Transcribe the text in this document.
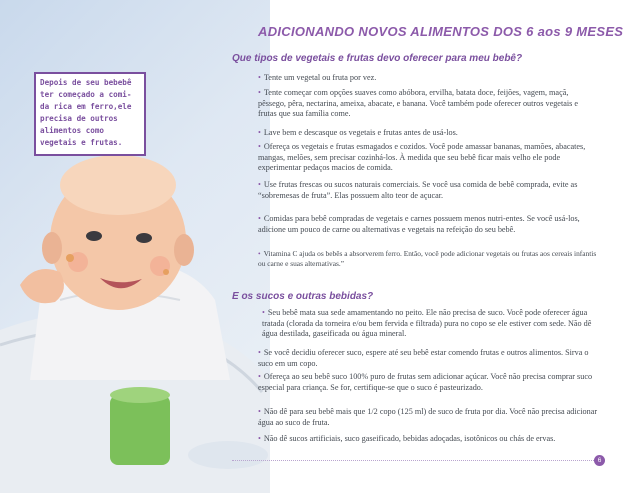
Depois de seu bebebê ter começado a comi-da rica em ferro,ele precisa de outros alimentos como vegetais e frutas.

ADICIONANDO NOVOS ALIMENTOS DOS 6 aos 9 MESES
Que tipos de vegetais e frutas devo oferecer para meu bebê?
• Tente um vegetal ou fruta por vez.
• Tente começar com opções suaves como abóbora, ervilha, batata doce, feijões, vagem, maçã, pêssego, pêra, nectarina, ameixa, abacate, e banana. Você também pode oferecer outros vegetais e frutas que sua família come.
• Lave bem e descasque os vegetais e frutas antes de usá-los.
• Ofereça os vegetais e frutas esmagados e cozidos. Você pode amassar bananas, mamões, abacates, mangas, melões, sem precisar cozinhá-los. À medida que seu bebê ficar mais velho ele pode experimentar pedaços macios de comida.
• Use frutas frescas ou sucos naturais comerciais. Se você usa comida de bebê comprada, evite as “sobremesas de fruta”. Elas possuem alto teor de açucar.
• Comidas para bebê compradas de vegetais e carnes possuem menos nutri-entes. Se você usá-los, adicione um pouco de carne ou alternativas e vegetais na refeição do seu bebê.
• Vitamina C ajuda os bebês a absorverem ferro. Então, você pode adicionar vegetais ou frutas aos cereais infantis ou carne e suas alternativas.”
E os sucos e outras bebidas?
• Seu bebê mata sua sede amamentando no peito. Ele não precisa de suco. Você pode oferecer água tratada (clorada da torneira e/ou bem fervida e filtrada) pura no copo se ele estiver com sede. Não dê água destilada, gaseificada ou água mineral.
• Se você decidiu oferecer suco, espere até seu bebê estar comendo frutas e outros alimentos. Sirva o suco em um copo.
• Ofereça ao seu bebê suco 100% puro de frutas sem adicionar açúcar. Você não precisa comprar suco especial para criança. Se for, certifique-se que o suco é pasteurizado.
• Não dê para seu bebê mais que 1/2 copo (125 ml) de suco de fruta por dia. Você não precisa adicionar água ao suco de fruta.
• Não dê sucos artificiais, suco gaseificado, bebidas adoçadas, isotônicos ou chás de ervas.
6
